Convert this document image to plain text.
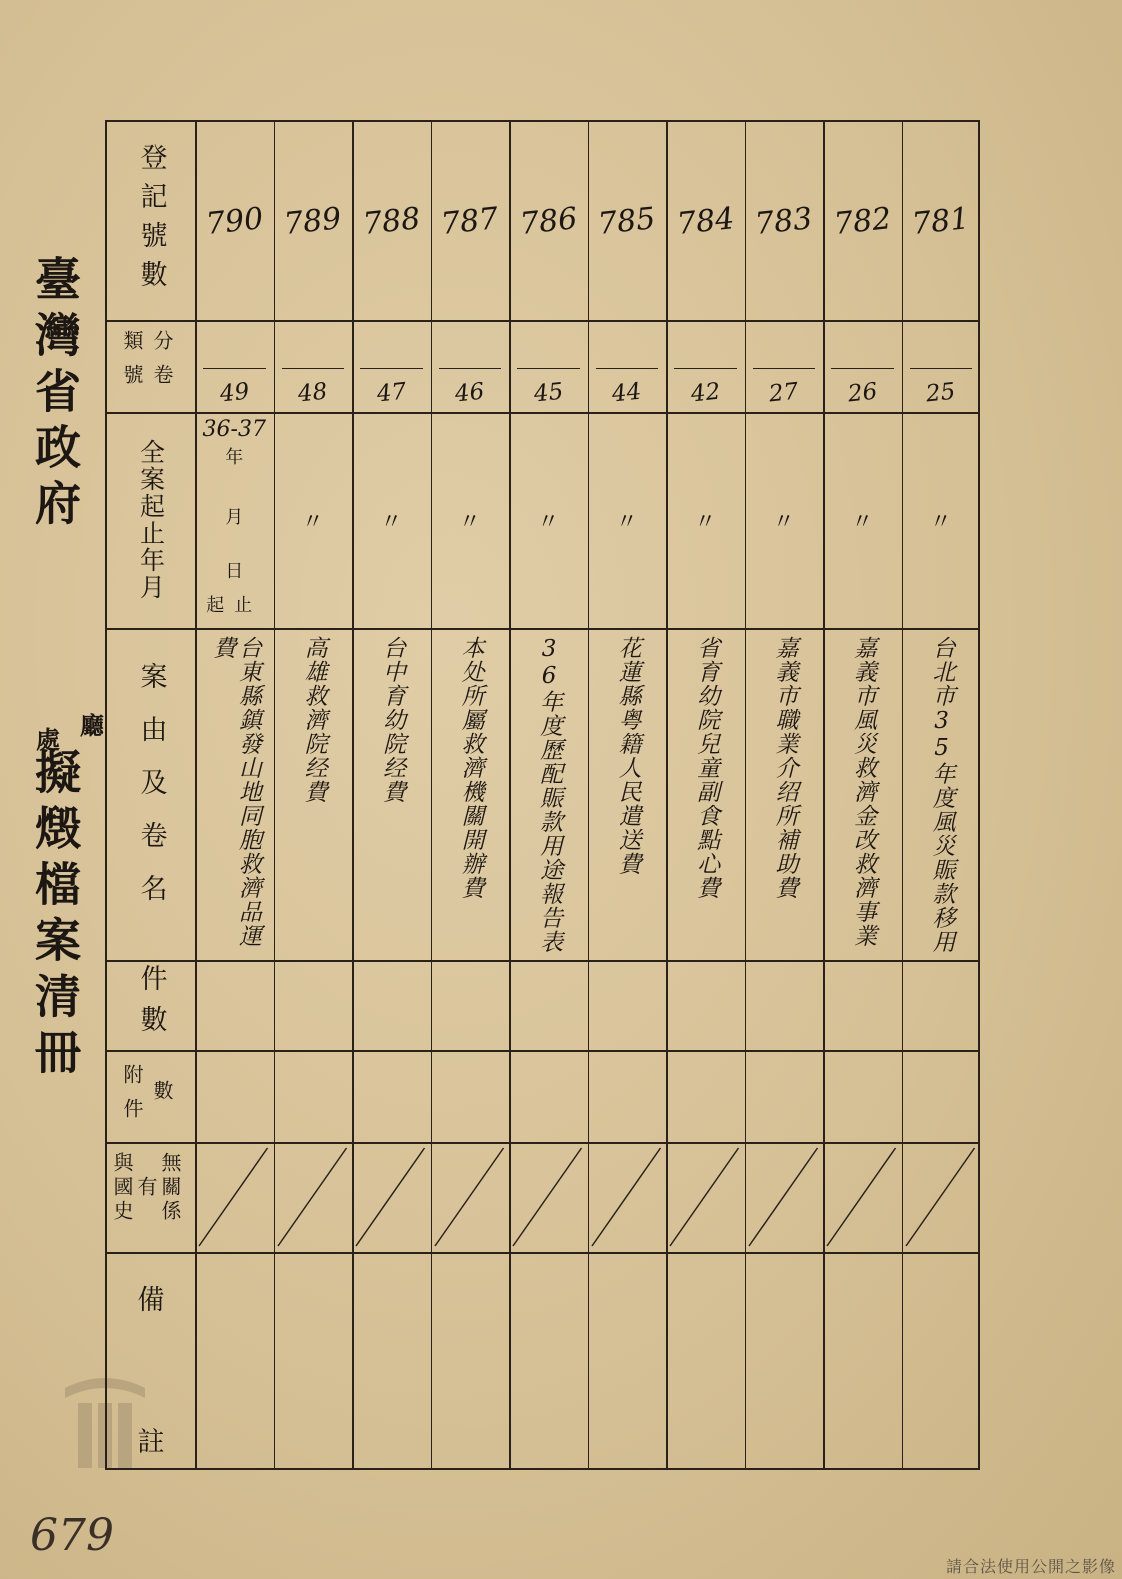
臺灣省政府
廳
處
擬燬檔案清冊
登記號數
分卷
類號
全案起止年月
案由及卷名
件數
附件 數
無關係
有
與國史
備
註
790
49
36-37
年
月
日
起止
台東縣鎮發山地同胞救濟品運費
789
48
〃
高雄救濟院经費
788
47
〃
台中育幼院经費
787
46
〃
本处所屬救濟機關開辦費
786
45
〃
36年度歷配賑款用途報告表
785
44
〃
花蓮縣粤籍人民遣送費
784
42
〃
省育幼院兒童副食點心費
783
27
〃
嘉義市職業介绍所補助費
782
26
〃
嘉義市風災救濟金改救濟事業
781
25
〃
台北市35年度風災賑款移用
679
請合法使用公開之影像
